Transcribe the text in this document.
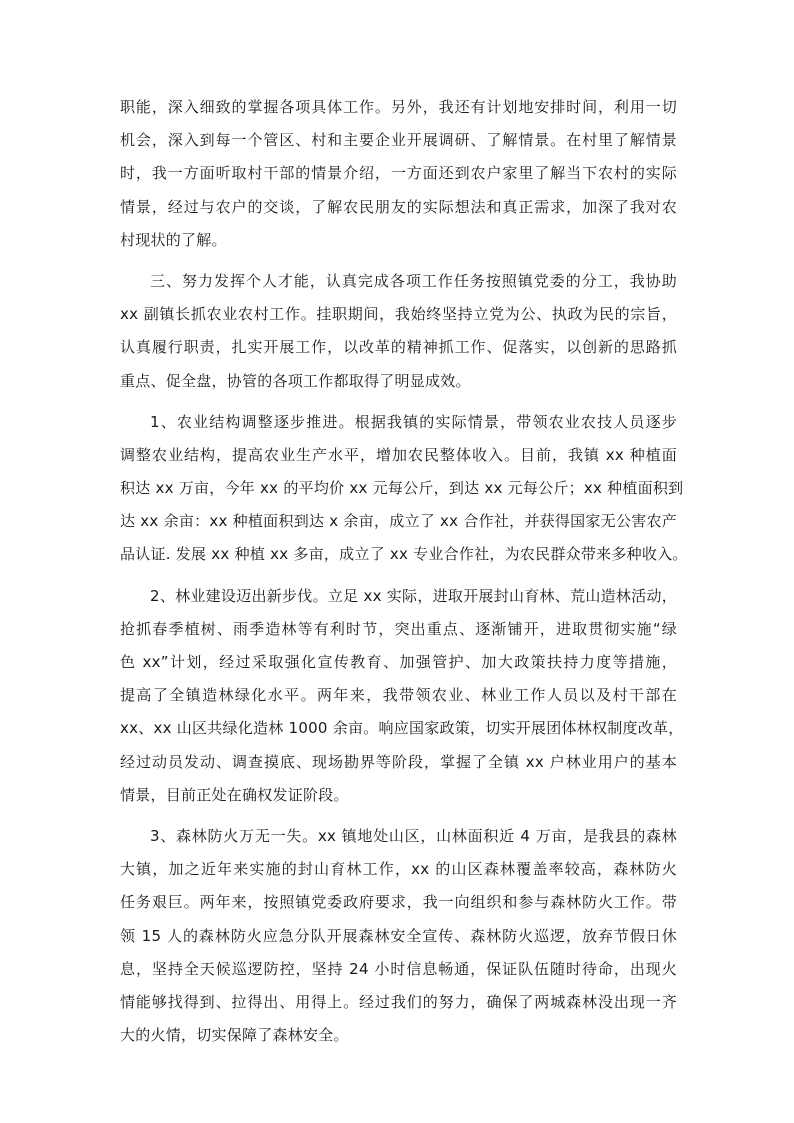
职能，深入细致的掌握各项具体工作。另外，我还有计划地安排时间，利用一切
机会，深入到每一个管区、村和主要企业开展调研、了解情景。在村里了解情景
时，我一方面听取村干部的情景介绍，一方面还到农户家里了解当下农村的实际
情景，经过与农户的交谈，了解农民朋友的实际想法和真正需求，加深了我对农
村现状的了解。
三、努力发挥个人才能，认真完成各项工作任务按照镇党委的分工，我协助
xx 副镇长抓农业农村工作。挂职期间，我始终坚持立党为公、执政为民的宗旨，
认真履行职责，扎实开展工作，以改革的精神抓工作、促落实，以创新的思路抓
重点、促全盘，协管的各项工作都取得了明显成效。
1、农业结构调整逐步推进。根据我镇的实际情景，带领农业农技人员逐步
调整农业结构，提高农业生产水平，增加农民整体收入。目前，我镇 xx 种植面
积达 xx 万亩，今年 xx 的平均价 xx 元每公斤，到达 xx 元每公斤；xx 种植面积到
达 xx 余亩：xx 种植面积到达 x 余亩，成立了 xx 合作社，并获得国家无公害农产
品认证. 发展 xx 种植 xx 多亩，成立了 xx 专业合作社，为农民群众带来多种收入。
2、林业建设迈出新步伐。立足 xx 实际，进取开展封山育林、荒山造林活动，
抢抓春季植树、雨季造林等有利时节，突出重点、逐渐铺开，进取贯彻实施“绿
色 xx”计划，经过采取强化宣传教育、加强管护、加大政策扶持力度等措施，
提高了全镇造林绿化水平。两年来，我带领农业、林业工作人员以及村干部在
xx、xx 山区共绿化造林 1000 余亩。响应国家政策，切实开展团体林权制度改革，
经过动员发动、调查摸底、现场勘界等阶段，掌握了全镇 xx 户林业用户的基本
情景，目前正处在确权发证阶段。
3、森林防火万无一失。xx 镇地处山区，山林面积近 4 万亩，是我县的森林
大镇，加之近年来实施的封山育林工作，xx 的山区森林覆盖率较高，森林防火
任务艰巨。两年来，按照镇党委政府要求，我一向组织和参与森林防火工作。带
领 15 人的森林防火应急分队开展森林安全宣传、森林防火巡逻，放弃节假日休
息，坚持全天候巡逻防控，坚持 24 小时信息畅通，保证队伍随时待命，出现火
情能够找得到、拉得出、用得上。经过我们的努力，确保了两城森林没出现一齐
大的火情，切实保障了森林安全。
